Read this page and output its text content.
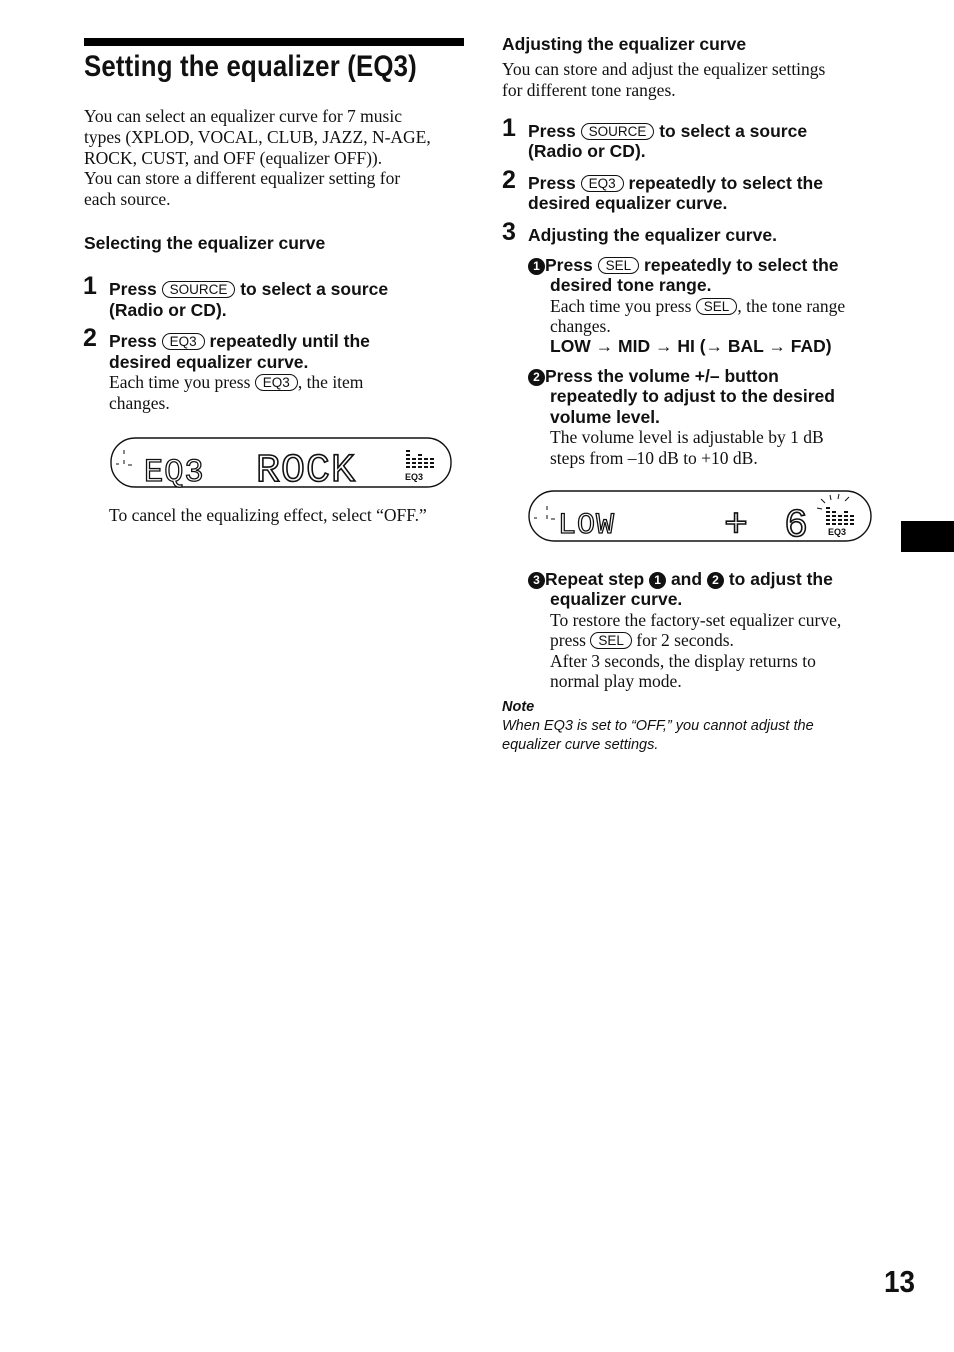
Setting the equalizer (EQ3)

You can select an equalizer curve for 7 music

types (XPLOD, VOCAL, CLUB, JAZZ, N-AGE,

ROCK, CUST, and OFF (equalizer OFF)).

You can store a different equalizer setting for

each source.

Selecting the equalizer curve
1 Press SOURCE to select a source

(Radio or CD).

2 Press EQ3 repeatedly until the

desired equalizer curve.

Each time you press EQ3 , the item

changes.

EQ3 ROCK	EQ3

To cancel the equalizing effect, select “OFF.”

Adjusting the equalizer curve

You can store and adjust the equalizer settings

for different tone ranges.

1 Press SOURCE to select a source

(Radio or CD).

2 Press EQ3 repeatedly to select the

desired equalizer curve.

3 Adjusting the equalizer curve.

1 Press SEL repeatedly to select the

desired tone range.

Each time you press SEL , the tone range

changes.

LOW → MID → HI (→ BAL → FAD)

2 Press the volume +/– button

repeatedly to adjust to the desired

volume level.

The volume level is adjustable by 1 dB

steps from –10 dB to +10 dB.

LOW	+ 6 EQ3

3 Repeat step 1 and 2 to adjust the

equalizer curve.

To restore the factory-set equalizer curve,

press SEL for 2 seconds.

After 3 seconds, the display returns to

normal play mode.

Note

When EQ3 is set to “OFF,” you cannot adjust the

equalizer curve settings.

13
